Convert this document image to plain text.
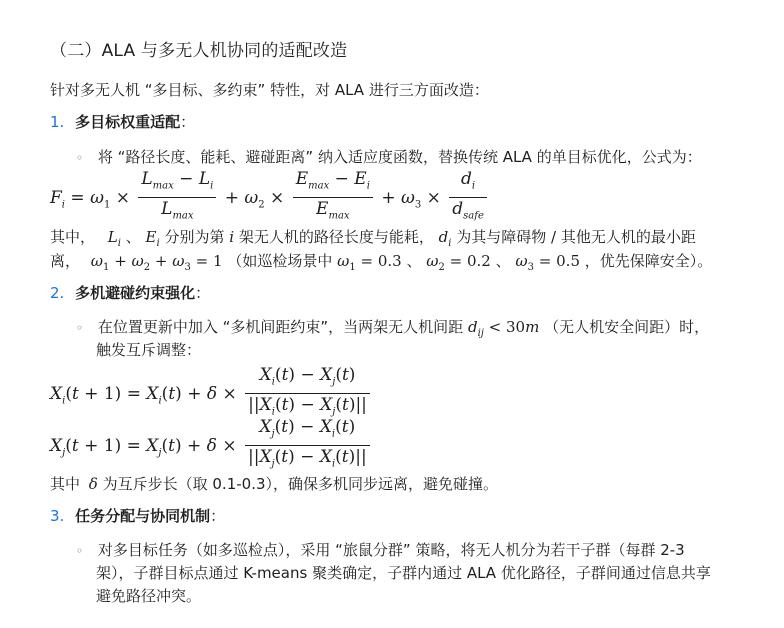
（二）ALA 与多无人机协同的适配改造
针对多无人机 “多目标、多约束” 特性，对 ALA 进行三方面改造：
1. 多目标权重适配：
◦ 将 “路径长度、能耗、避碰距离” 纳入适应度函数，替换传统 ALA 的单目标优化，公式为：
$F_i = \omega_1 \times \frac{L_{max} - L_i}{L_{max}} + \omega_2 \times \frac{E_{max} - E_i}{E_{max}} + \omega_3 \times \frac{d_i}{d_{safe}}$
其中， $L_i$ 、 $E_i$ 分别为第 i 架无人机的路径长度与能耗， $d_i$ 为其与障碍物 / 其他无人机的最小距
离， $\omega_1 + \omega_2 + \omega_3 = 1$ （如巡检场景中 $\omega_1 = 0.3$ 、 $\omega_2 = 0.2$ 、 $\omega_3 = 0.5$ ，优先保障安全）。
2. 多机避碰约束强化：
◦ 在位置更新中加入 “多机间距约束”，当两架无人机间距 $d_{ij} < 30m$ （无人机安全间距）时，
触发互斥调整：
$X_i(t + 1) = X_i(t) + \delta \times \frac{X_i(t) - X_j(t)}{||X_i(t) - X_j(t)||}$
$X_j(t + 1) = X_j(t) + \delta \times \frac{X_j(t) - X_i(t)}{||X_j(t) - X_i(t)||}$
其中 δ 为互斥步长（取 0.1-0.3），确保多机同步远离，避免碰撞。
3. 任务分配与协同机制：
◦ 对多目标任务（如多巡检点），采用 “旅鼠分群” 策略，将无人机分为若干子群（每群 2-3
架），子群目标点通过 K-means 聚类确定，子群内通过 ALA 优化路径，子群间通过信息共享
避免路径冲突。
